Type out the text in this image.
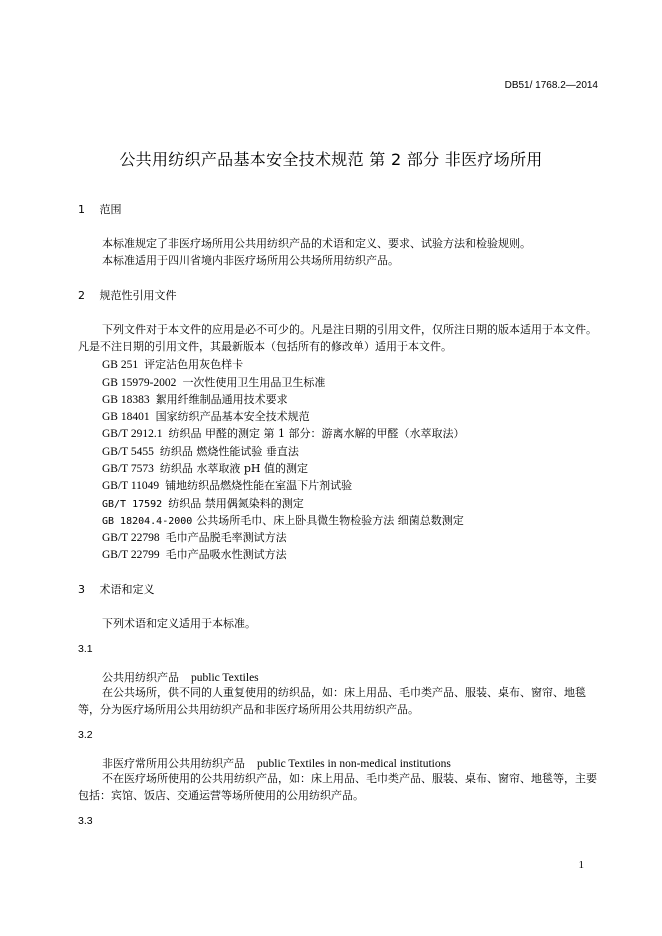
DB51/ 1768.2—2014
公共用纺织产品基本安全技术规范 第 2 部分 非医疗场所用
1 范围
本标准规定了非医疗场所用公共用纺织产品的术语和定义、要求、试验方法和检验规则。
本标准适用于四川省境内非医疗场所用公共场所用纺织产品。
2 规范性引用文件
下列文件对于本文件的应用是必不可少的。凡是注日期的引用文件，仅所注日期的版本适用于本文件。凡是不注日期的引用文件，其最新版本（包括所有的修改单）适用于本文件。
GB 251 评定沾色用灰色样卡
GB 15979-2002 一次性使用卫生用品卫生标准
GB 18383 絮用纤维制品通用技术要求
GB 18401 国家纺织产品基本安全技术规范
GB/T 2912.1 纺织品 甲醛的测定 第 1 部分：游离水解的甲醛（水萃取法）
GB/T 5455 纺织品 燃烧性能试验 垂直法
GB/T 7573 纺织品 水萃取液 pH 值的测定
GB/T 11049 铺地纺织品燃烧性能在室温下片剂试验
GB/T 17592 纺织品 禁用偶氮染料的测定
GB 18204.4-2000 公共场所毛巾、床上卧具微生物检验方法 细菌总数测定
GB/T 22798 毛巾产品脱毛率测试方法
GB/T 22799 毛巾产品吸水性测试方法
3 术语和定义
下列术语和定义适用于本标准。
3.1
公共用纺织产品 public Textiles
在公共场所，供不同的人重复使用的纺织品，如：床上用品、毛巾类产品、服装、桌布、窗帘、地毯等，分为医疗场所用公共用纺织产品和非医疗场所用公共用纺织产品。
3.2
非医疗常所用公共用纺织产品 public Textiles in non-medical institutions
不在医疗场所使用的公共用纺织产品，如：床上用品、毛巾类产品、服装、桌布、窗帘、地毯等，主要包括：宾馆、饭店、交通运营等场所使用的公用纺织产品。
3.3
1
